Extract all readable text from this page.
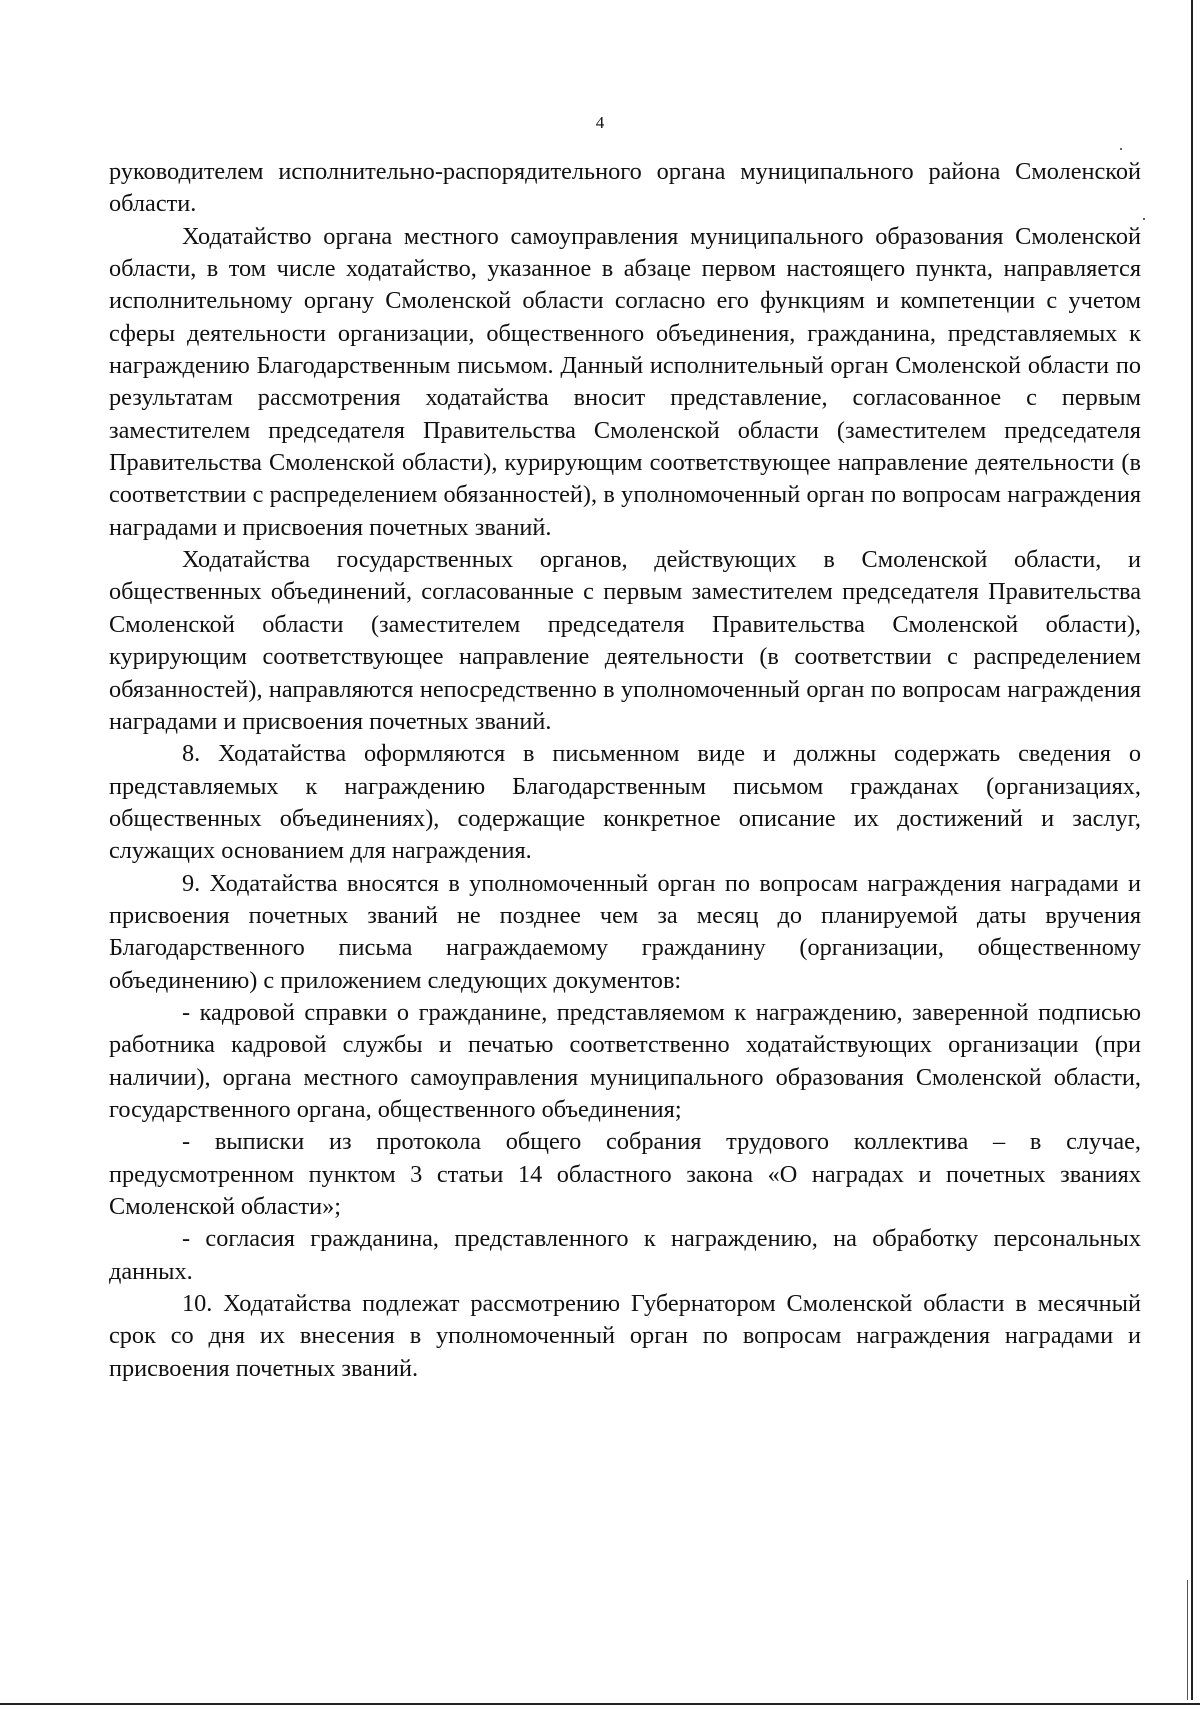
4

руководителем исполнительно-распорядительного органа муниципального района Смоленской области.

Ходатайство органа местного самоуправления муниципального образования Смоленской области, в том числе ходатайство, указанное в абзаце первом настоящего пункта, направляется исполнительному органу Смоленской области согласно его функциям и компетенции с учетом сферы деятельности организации, общественного объединения, гражданина, представляемых к награждению Благодарственным письмом. Данный исполнительный орган Смоленской области по результатам рассмотрения ходатайства вносит представление, согласованное с первым заместителем председателя Правительства Смоленской области (заместителем председателя Правительства Смоленской области), курирующим соответствующее направление деятельности (в соответствии с распределением обязанностей), в уполномоченный орган по вопросам награждения наградами и присвоения почетных званий.

Ходатайства государственных органов, действующих в Смоленской области, и общественных объединений, согласованные с первым заместителем председателя Правительства Смоленской области (заместителем председателя Правительства Смоленской области), курирующим соответствующее направление деятельности (в соответствии с распределением обязанностей), направляются непосредственно в уполномоченный орган по вопросам награждения наградами и присвоения почетных званий.

8. Ходатайства оформляются в письменном виде и должны содержать сведения о представляемых к награждению Благодарственным письмом гражданах (организациях, общественных объединениях), содержащие конкретное описание их достижений и заслуг, служащих основанием для награждения.

9. Ходатайства вносятся в уполномоченный орган по вопросам награждения наградами и присвоения почетных званий не позднее чем за месяц до планируемой даты вручения Благодарственного письма награждаемому гражданину (организации, общественному объединению) с приложением следующих документов:

- кадровой справки о гражданине, представляемом к награждению, заверенной подписью работника кадровой службы и печатью соответственно ходатайствующих организации (при наличии), органа местного самоуправления муниципального образования Смоленской области, государственного органа, общественного объединения;

- выписки из протокола общего собрания трудового коллектива – в случае, предусмотренном пунктом 3 статьи 14 областного закона «О наградах и почетных званиях Смоленской области»;

- согласия гражданина, представленного к награждению, на обработку персональных данных.

10. Ходатайства подлежат рассмотрению Губернатором Смоленской области в месячный срок со дня их внесения в уполномоченный орган по вопросам награждения наградами и присвоения почетных званий.
